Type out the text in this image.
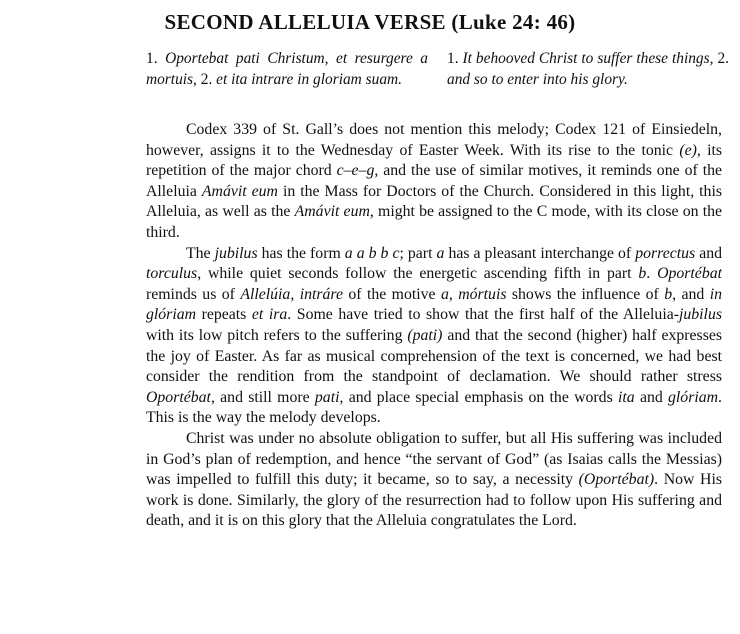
SECOND ALLELUIA VERSE (Luke 24: 46)
1. Oportebat pati Christum, et resurgere a mortuis, 2. et ita intrare in gloriam suam.
1. It behooved Christ to suffer these things, 2. and so to enter into his glory.

Codex 339 of St. Gall’s does not mention this melody; Codex 121 of Einsiedeln, however, assigns it to the Wednesday of Easter Week. With its rise to the tonic (e), its repetition of the major chord c–e–g, and the use of similar motives, it reminds one of the Alleluia Amávit eum in the Mass for Doctors of the Church. Considered in this light, this Alleluia, as well as the Amávit eum, might be assigned to the C mode, with its close on the third.

The jubilus has the form a a b b c; part a has a pleasant interchange of porrectus and torculus, while quiet seconds follow the energetic ascending fifth in part b. Oportébat reminds us of Allelúia, intráre of the motive a, mórtuis shows the influence of b, and in glóriam repeats et ira. Some have tried to show that the first half of the Alleluia-jubilus with its low pitch refers to the suffering (pati) and that the second (higher) half expresses the joy of Easter. As far as musical comprehension of the text is concerned, we had best consider the rendition from the standpoint of declamation. We should rather stress Oportébat, and still more pati, and place special emphasis on the words ita and glóriam. This is the way the melody develops.

Christ was under no absolute obligation to suffer, but all His suffering was included in God’s plan of redemption, and hence “the servant of God” (as Isaias calls the Messias) was impelled to fulfill this duty; it became, so to say, a necessity (Oportébat). Now His work is done. Similarly, the glory of the resurrection had to follow upon His suffering and death, and it is on this glory that the Alleluia congratulates the Lord.
